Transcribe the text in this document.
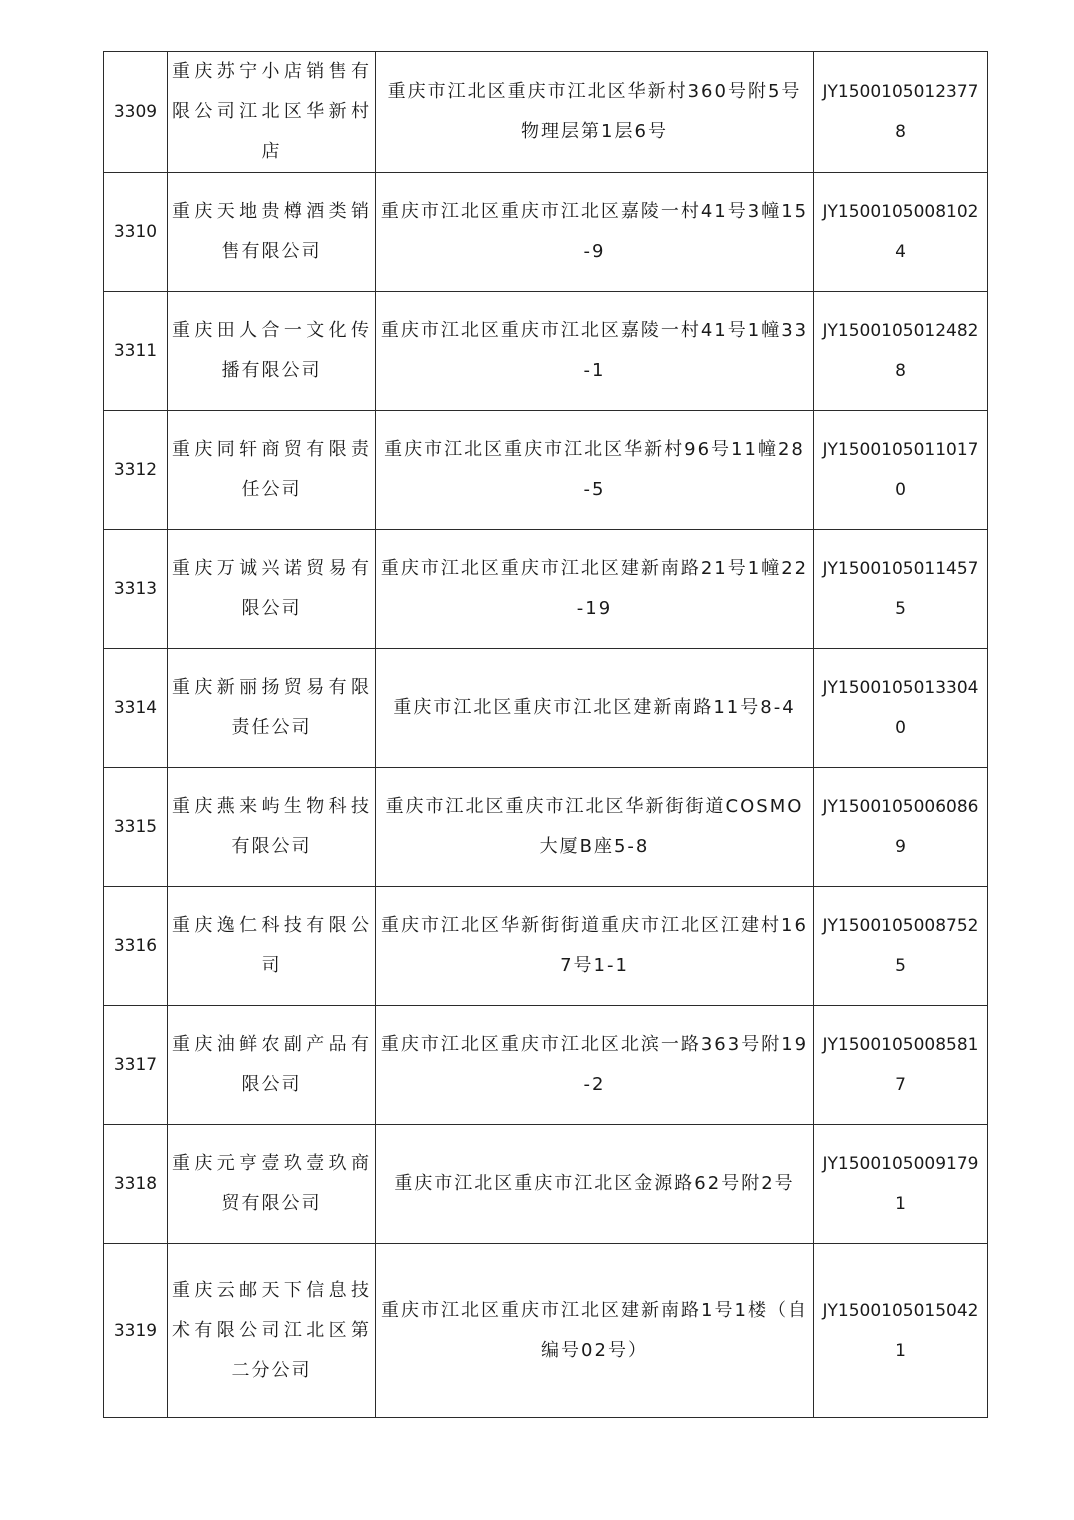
3309	重庆苏宁小店销售有限公司江北区华新村店	重庆市江北区重庆市江北区华新村360号附5号物理层第1层6号	JY15001050123778
3310	重庆天地贵樽酒类销售有限公司	重庆市江北区重庆市江北区嘉陵一村41号3幢15-9	JY15001050081024
3311	重庆田人合一文化传播有限公司	重庆市江北区重庆市江北区嘉陵一村41号1幢33-1	JY15001050124828
3312	重庆同轩商贸有限责任公司	重庆市江北区重庆市江北区华新村96号11幢28-5	JY15001050110170
3313	重庆万诚兴诺贸易有限公司	重庆市江北区重庆市江北区建新南路21号1幢22-19	JY15001050114575
3314	重庆新丽扬贸易有限责任公司	重庆市江北区重庆市江北区建新南路11号8-4	JY15001050133040
3315	重庆燕来屿生物科技有限公司	重庆市江北区重庆市江北区华新街街道COSMO大厦B座5-8	JY15001050060869
3316	重庆逸仁科技有限公司	重庆市江北区华新街街道重庆市江北区江建村167号1-1	JY15001050087525
3317	重庆油鲜农副产品有限公司	重庆市江北区重庆市江北区北滨一路363号附19-2	JY15001050085817
3318	重庆元亨壹玖壹玖商贸有限公司	重庆市江北区重庆市江北区金源路62号附2号	JY15001050091791
3319	重庆云邮天下信息技术有限公司江北区第二分公司	重庆市江北区重庆市江北区建新南路1号1楼（自编号02号）	JY15001050150421
